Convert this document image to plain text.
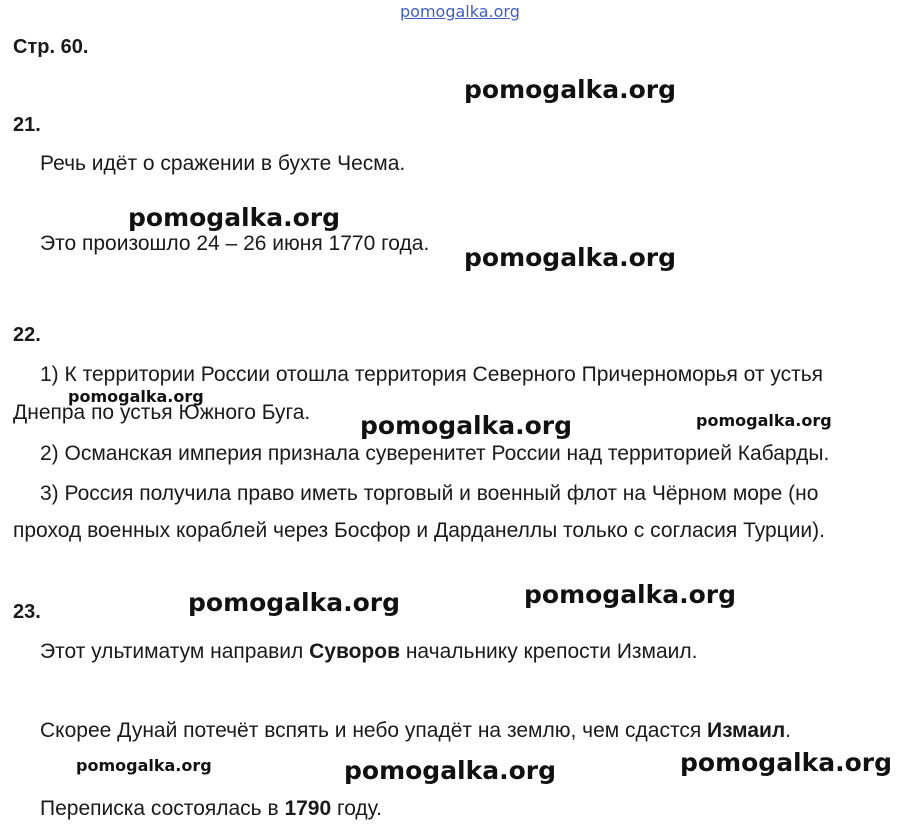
pomogalka.org
Стр. 60.
21.
Речь идёт о сражении в бухте Чесма.
Это произошло 24 – 26 июня 1770 года.
22.
1) К территории России отошла территория Северного Причерноморья от устья
Днепра по устья Южного Буга.
2) Османская империя признала суверенитет России над территорией Кабарды.
3) Россия получила право иметь торговый и военный флот на Чёрном море (но
проход военных кораблей через Босфор и Дарданеллы только с согласия Турции).
23.
Этот ультиматум направил Суворов начальнику крепости Измаил.
Скорее Дунай потечёт вспять и небо упадёт на землю, чем сдастся Измаил.
Переписка состоялась в 1790 году.
pomogalka.org
pomogalka.org
pomogalka.org
pomogalka.org
pomogalka.org	pomogalka.org
pomogalka.org	pomogalka.org
pomogalka.org	pomogalka.org	pomogalka.org
